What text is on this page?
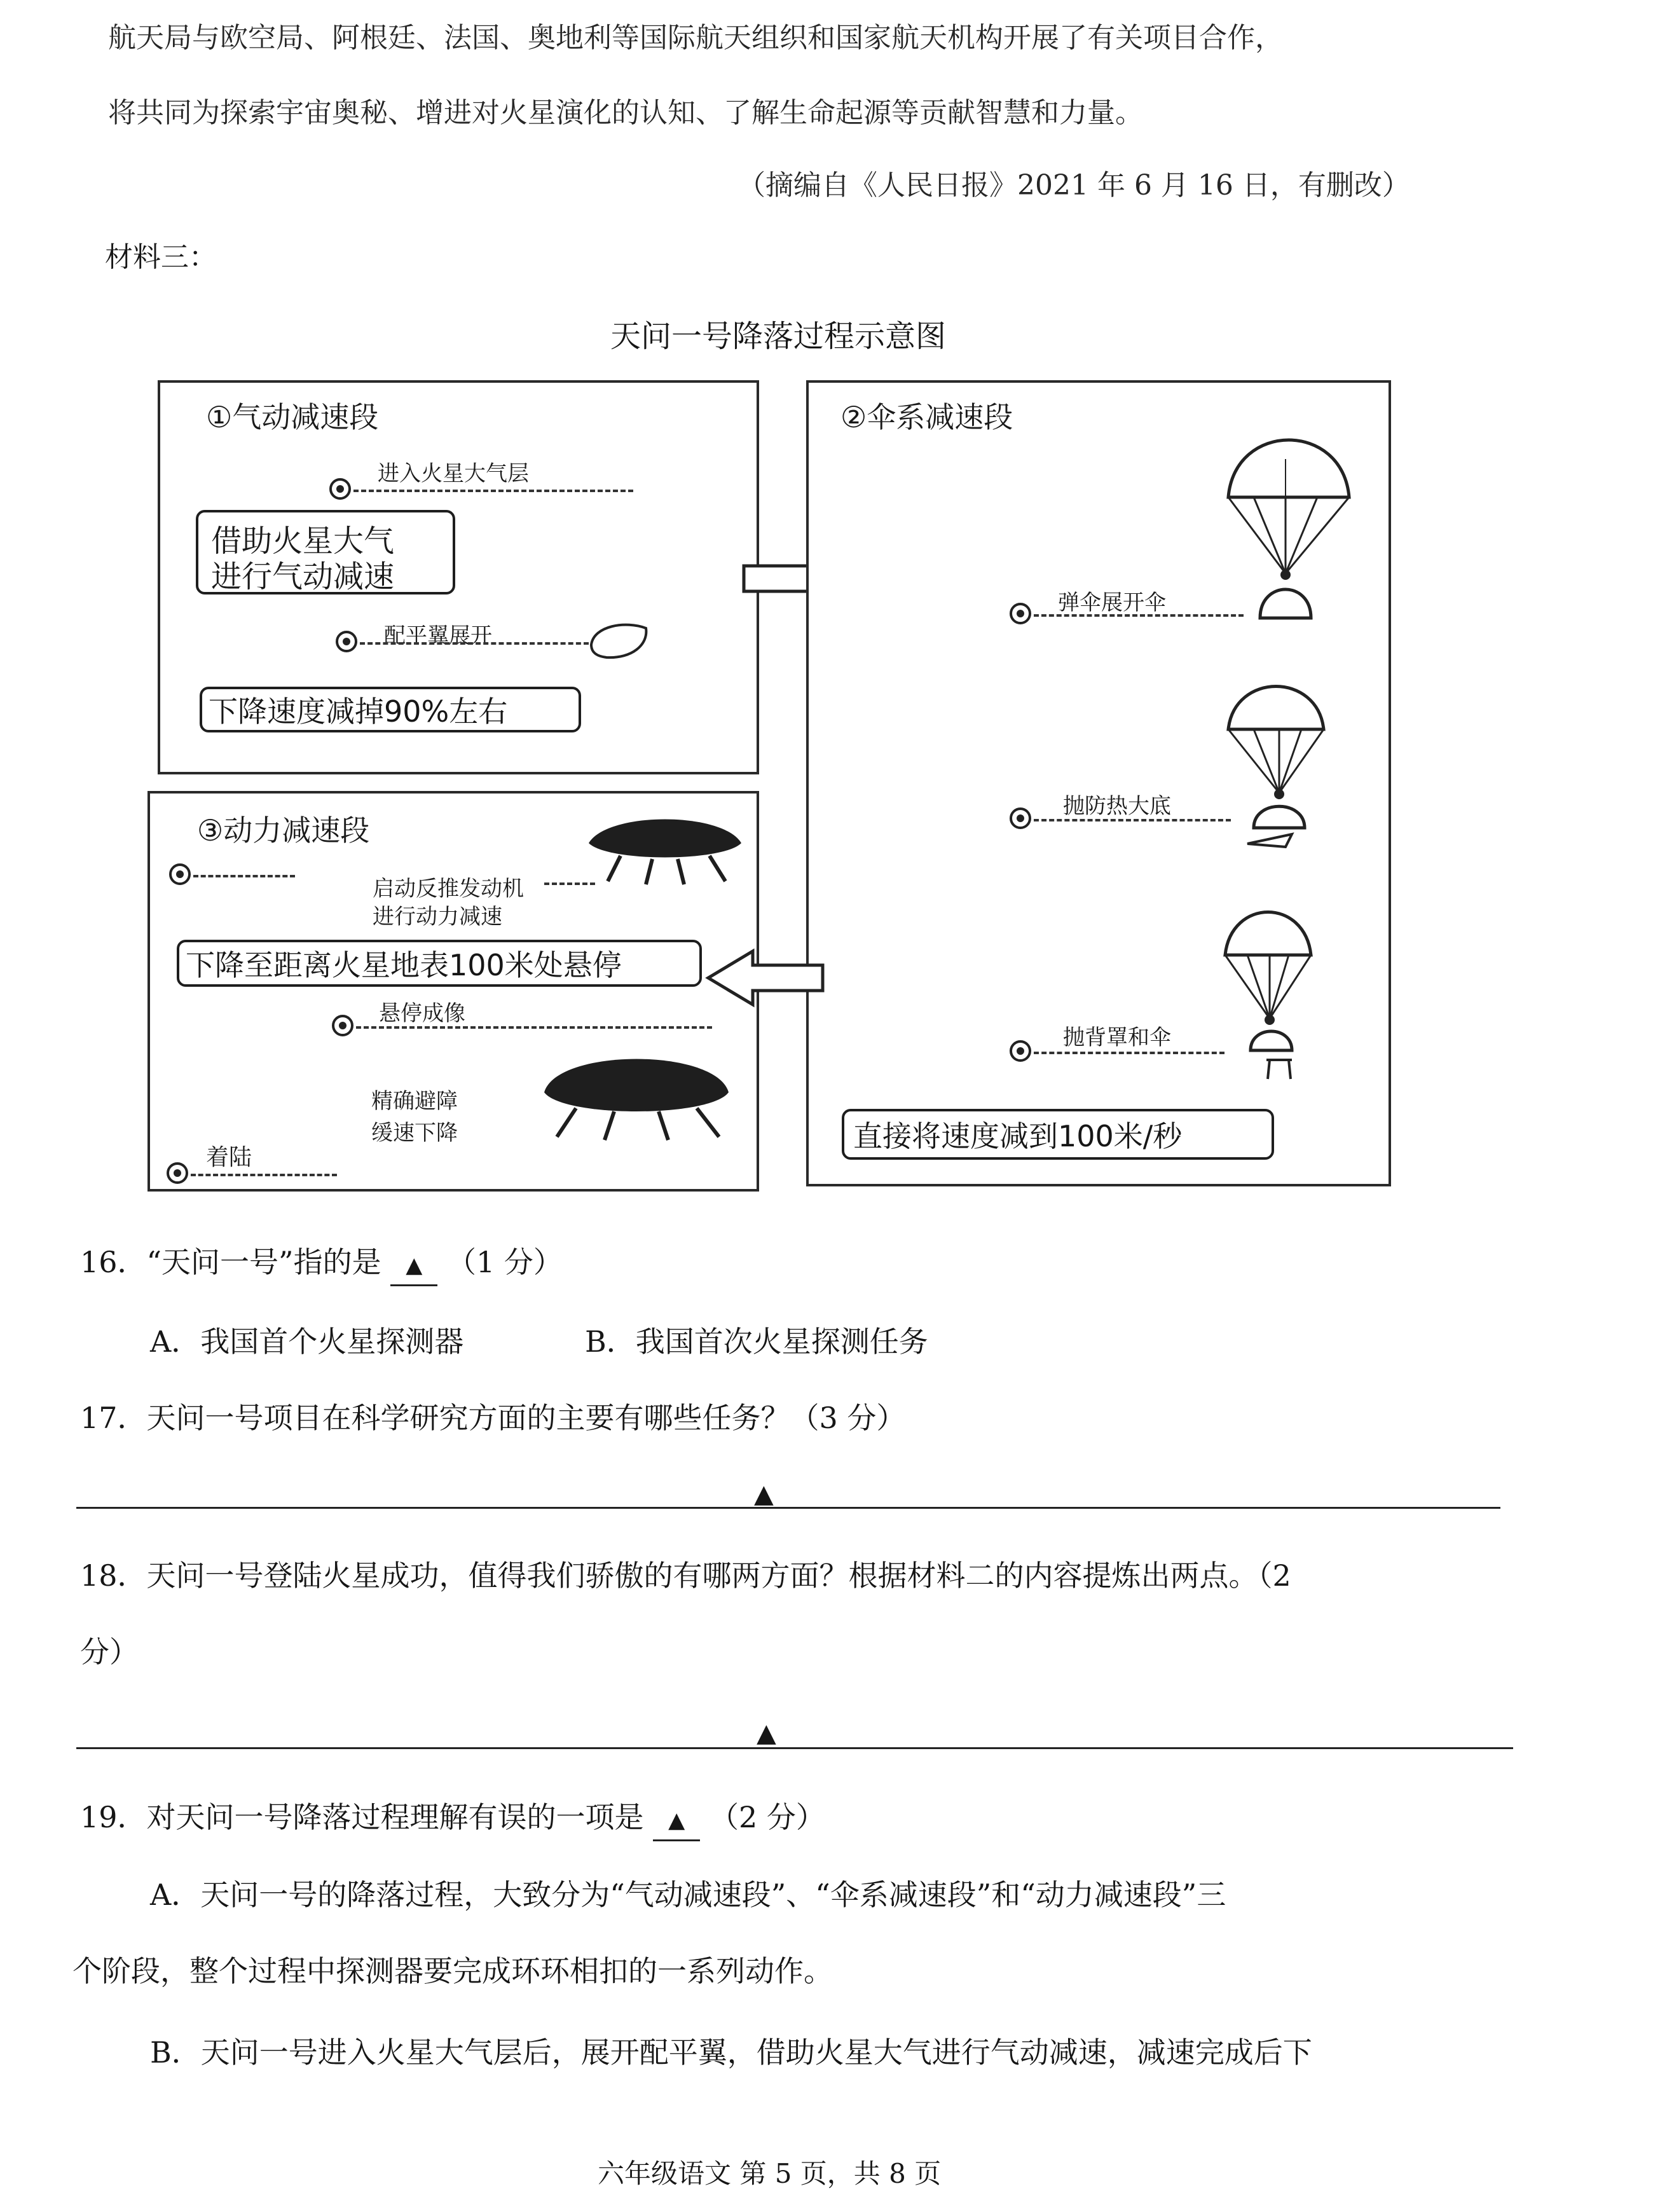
航天局与欧空局、阿根廷、法国、奥地利等国际航天组织和国家航天机构开展了有关项目合作，
将共同为探索宇宙奥秘、增进对火星演化的认知、了解生命起源等贡献智慧和力量。
（摘编自《人民日报》2021 年 6 月 16 日，有删改）
材料三：
天问一号降落过程示意图
①气动减速段
进入火星大气层
借助火星大气
进行气动减速
配平翼展开
下降速度减掉90%左右
②伞系减速段
弹伞展开伞
抛防热大底
抛背罩和伞
直接将速度减到100米/秒
③动力减速段
启动反推发动机
进行动力减速
下降至距离火星地表100米处悬停
悬停成像
精确避障
缓速下降
着陆
16．“天问一号”指的是 ▲ （1 分）
A．我国首个火星探测器	B．我国首次火星探测任务
17．天问一号项目在科学研究方面的主要有哪些任务？（3 分）
▲
18．天问一号登陆火星成功，值得我们骄傲的有哪两方面？根据材料二的内容提炼出两点。（2
分）
▲
19．对天问一号降落过程理解有误的一项是 ▲ （2 分）
A．天问一号的降落过程，大致分为“气动减速段”、“伞系减速段”和“动力减速段”三
个阶段，整个过程中探测器要完成环环相扣的一系列动作。
B．天问一号进入火星大气层后，展开配平翼，借助火星大气进行气动减速，减速完成后下
六年级语文 第 5 页，共 8 页
